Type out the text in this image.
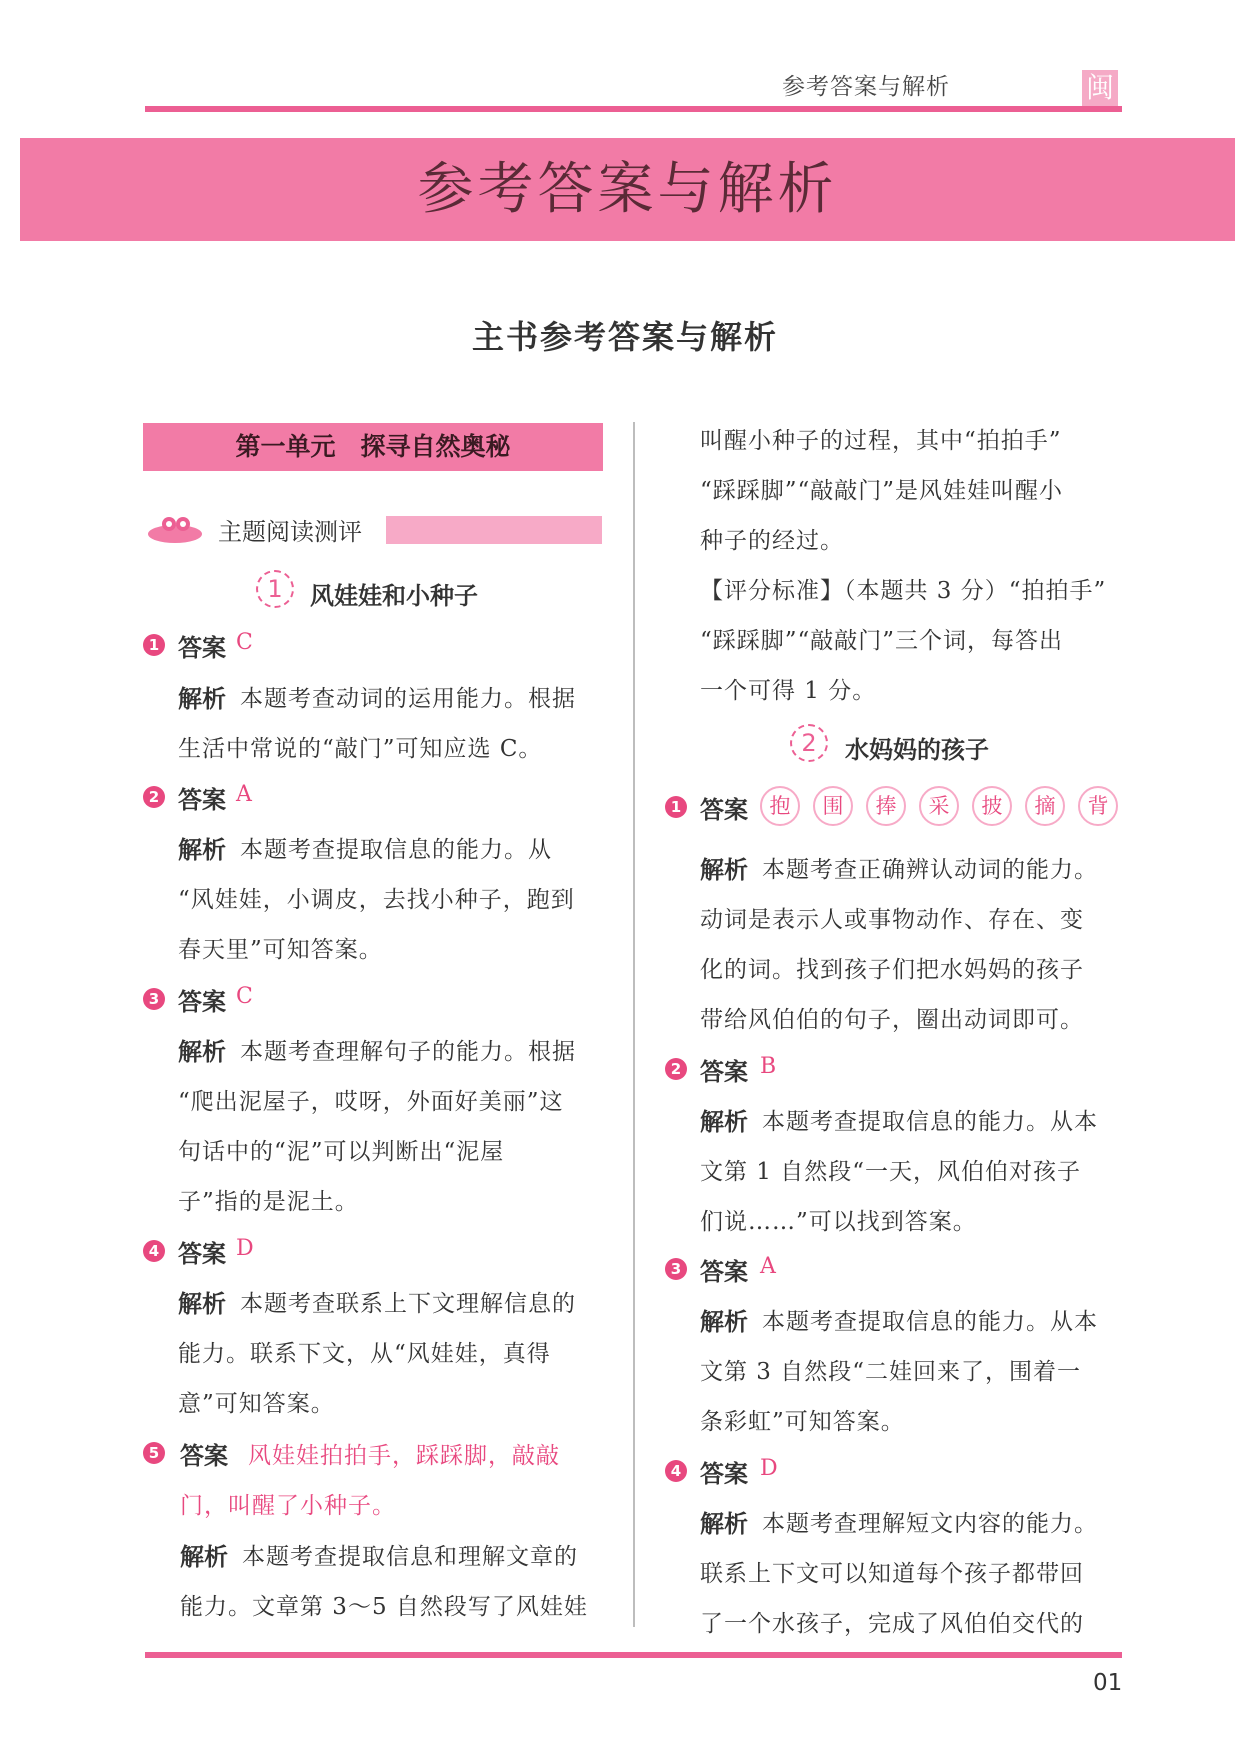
参考答案与解析	闽
参考答案与解析
主书参考答案与解析
第一单元　探寻自然奥秘
主题阅读测评
1	风娃娃和小种子
1 答案 C
解析 本题考查动词的运用能力。根据
生活中常说的“敲门”可知应选 C。
2 答案 A
解析 本题考查提取信息的能力。从
“风娃娃，小调皮，去找小种子，跑到
春天里”可知答案。
3 答案 C
解析 本题考查理解句子的能力。根据
“爬出泥屋子，哎呀，外面好美丽”这
句话中的“泥”可以判断出“泥屋
子”指的是泥土。
4 答案 D
解析 本题考查联系上下文理解信息的
能力。联系下文，从“风娃娃，真得
意”可知答案。
5 答案 风娃娃拍拍手，踩踩脚，敲敲
门，叫醒了小种子。
解析 本题考查提取信息和理解文章的
能力。文章第 3～5 自然段写了风娃娃
叫醒小种子的过程，其中“拍拍手”
“踩踩脚”“敲敲门”是风娃娃叫醒小
种子的经过。
【评分标准】（本题共 3 分）“拍拍手”
“踩踩脚”“敲敲门”三个词，每答出
一个可得 1 分。
2	水妈妈的孩子
1 答案	抱 围 捧 采 披 摘 背
解析 本题考查正确辨认动词的能力。
动词是表示人或事物动作、存在、变
化的词。找到孩子们把水妈妈的孩子
带给风伯伯的句子，圈出动词即可。
2 答案 B
解析 本题考查提取信息的能力。从本
文第 1 自然段“一天，风伯伯对孩子
们说……”可以找到答案。
3 答案 A
解析 本题考查提取信息的能力。从本
文第 3 自然段“二娃回来了，围着一
条彩虹”可知答案。
4 答案 D
解析 本题考查理解短文内容的能力。
联系上下文可以知道每个孩子都带回
了一个水孩子，完成了风伯伯交代的
01
